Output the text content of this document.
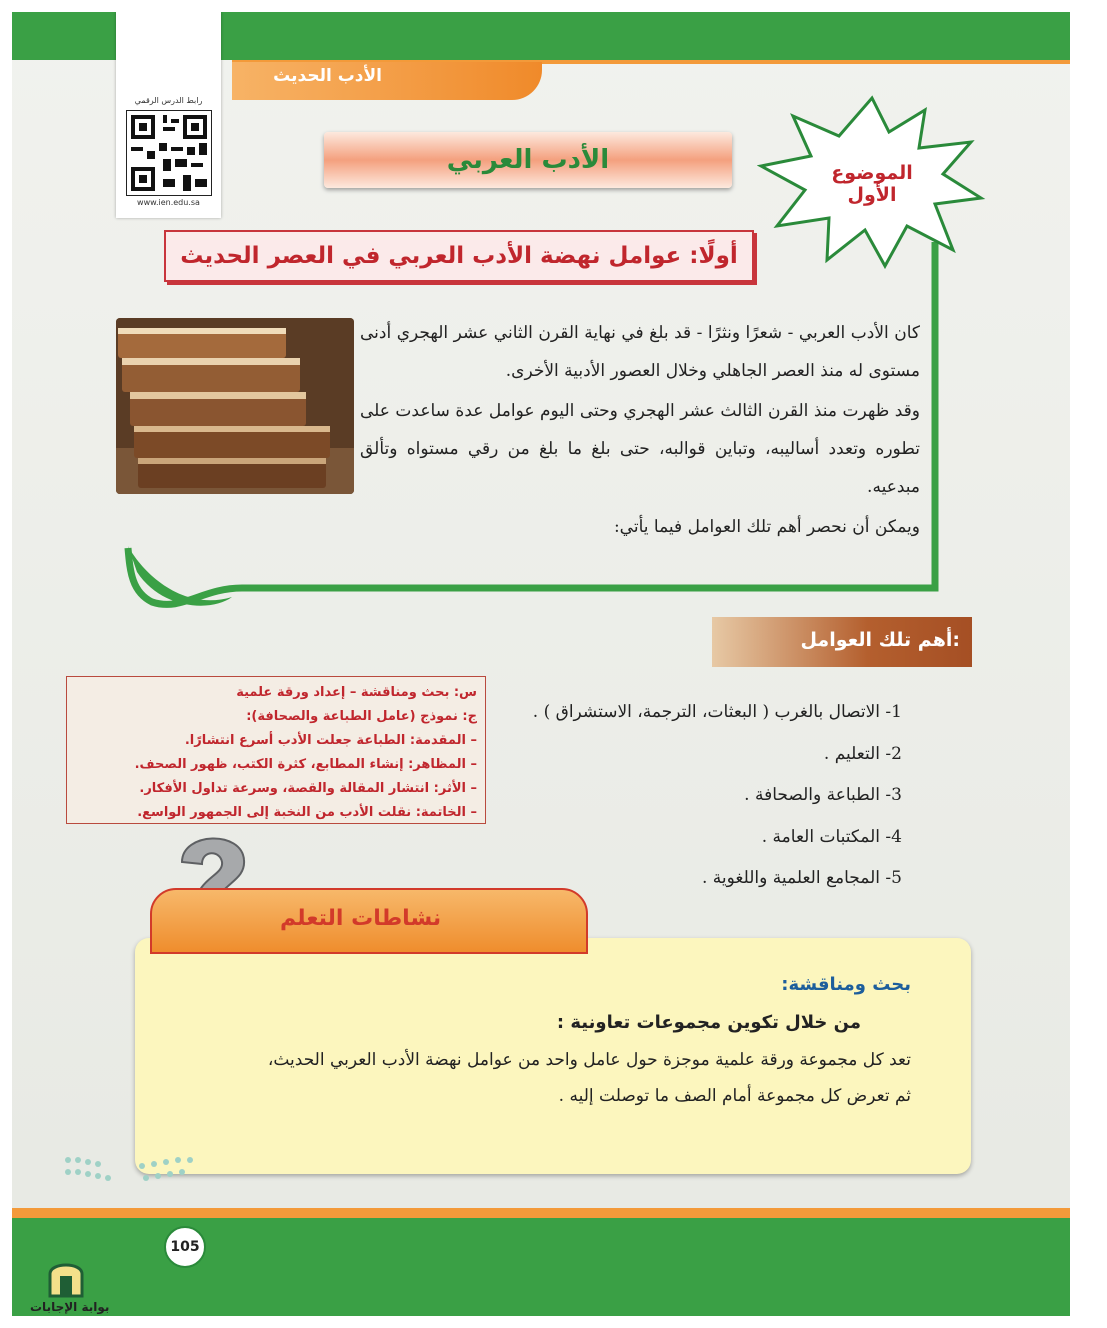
الأدب الحديث
رابط الدرس الرقمي
www.ien.edu.sa
الأدب العربي	الموضوع الأول
أولًا: عوامل نهضة الأدب العربي في العصر الحديث
كان الأدب العربي - شعرًا ونثرًا - قد بلغ في نهاية القرن الثاني عشر الهجري أدنى مستوى له منذ العصر الجاهلي وخلال العصور الأدبية الأخرى.
وقد ظهرت منذ القرن الثالث عشر الهجري وحتى اليوم عوامل عدة ساعدت على تطوره وتعدد أساليبه، وتباين قوالبه، حتى بلغ ما بلغ من رقي مستواه وتألق مبدعيه.
ويمكن أن نحصر أهم تلك العوامل فيما يأتي:
أهم تلك العوامل:
1- الاتصال بالغرب ( البعثات، الترجمة، الاستشراق ) .
2- التعليم .
3- الطباعة والصحافة .
4- المكتبات العامة .
5- المجامع العلمية واللغوية .
س: بحث ومناقشة – إعداد ورقة علمية
ج: نموذج (عامل الطباعة والصحافة):
– المقدمة: الطباعة جعلت الأدب أسرع انتشارًا.
– المظاهر: إنشاء المطابع، كثرة الكتب، ظهور الصحف.
– الأثر: انتشار المقالة والقصة، وسرعة تداول الأفكار.
– الخاتمة: نقلت الأدب من النخبة إلى الجمهور الواسع.
بحث ومناقشة:
من خلال تكوين مجموعات تعاونية :
تعد كل مجموعة ورقة علمية موجزة حول عامل واحد من عوامل نهضة الأدب العربي الحديث،
ثم تعرض كل مجموعة أمام الصف ما توصلت إليه .
نشاطات التعلم
105
بوابة الإجابات
